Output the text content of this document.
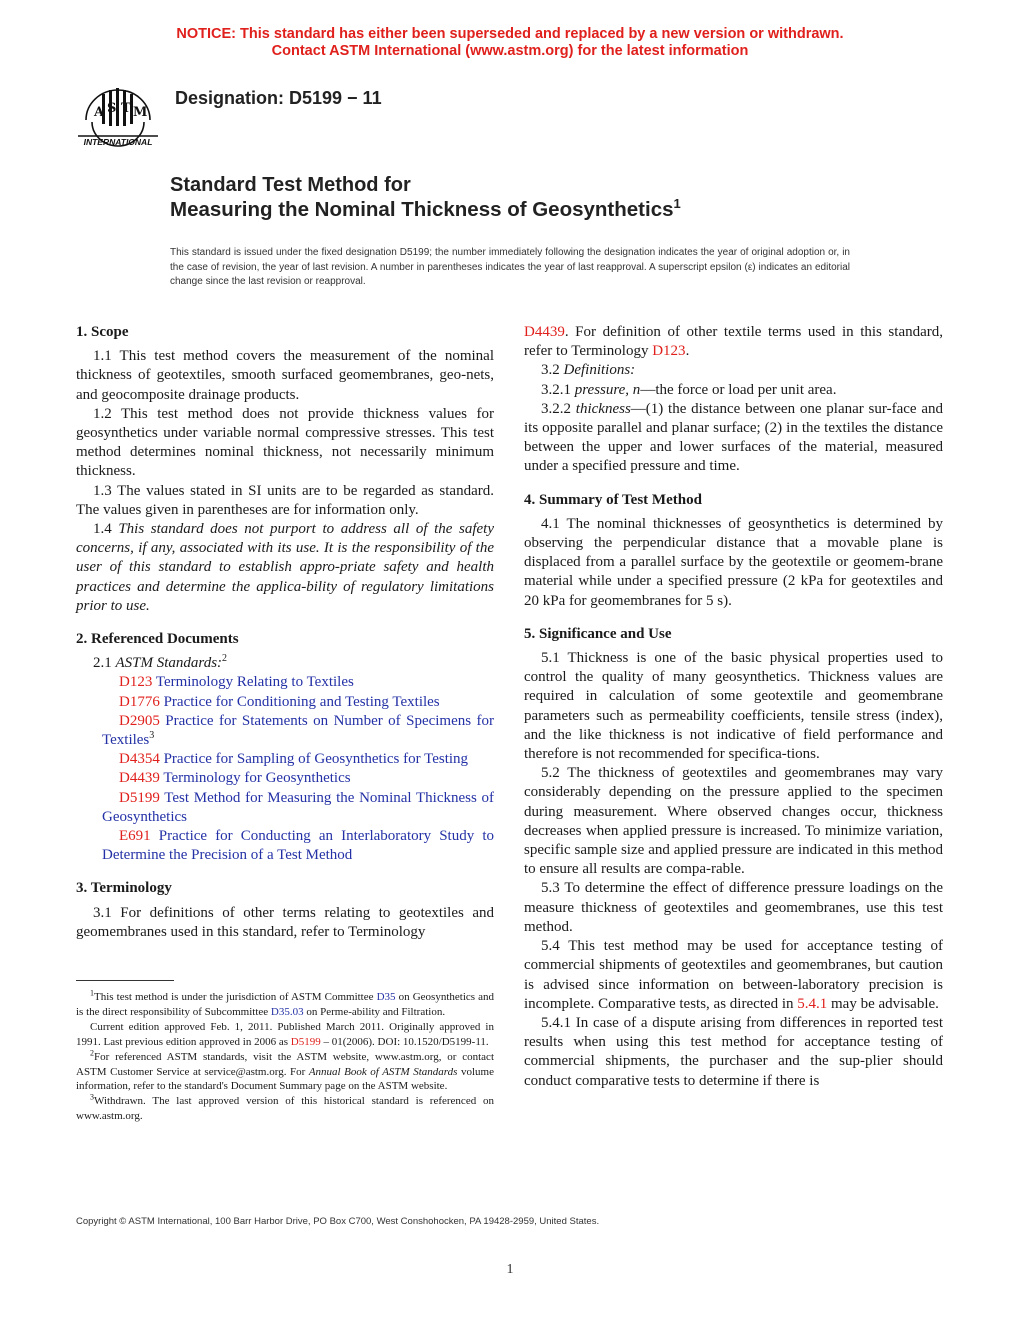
NOTICE: This standard has either been superseded and replaced by a new version or withdrawn.
Contact ASTM International (www.astm.org) for the latest information
A S T M
INTERNATIONAL
Designation: D5199 − 11
Standard Test Method for
Measuring the Nominal Thickness of Geosynthetics$^1$
This standard is issued under the fixed designation D5199; the number immediately following the designation indicates the year of original adoption or, in the case of revision, the year of last revision. A number in parentheses indicates the year of last reapproval. A superscript epsilon (ε) indicates an editorial change since the last revision or reapproval.
1. Scope

1.1 This test method covers the measurement of the nominal thickness of geotextiles, smooth surfaced geomembranes, geo-nets, and geocomposite drainage products.

1.2 This test method does not provide thickness values for geosynthetics under variable normal compressive stresses. This test method determines nominal thickness, not necessarily minimum thickness.

1.3 The values stated in SI units are to be regarded as standard. The values given in parentheses are for information only.

1.4 This standard does not purport to address all of the safety concerns, if any, associated with its use. It is the responsibility of the user of this standard to establish appro-priate safety and health practices and determine the applica-bility of regulatory limitations prior to use.

2. Referenced Documents

2.1 ASTM Standards:$^2$

D123 Terminology Relating to Textiles

D1776 Practice for Conditioning and Testing Textiles

D2905 Practice for Statements on Number of Specimens for Textiles$^3$

D4354 Practice for Sampling of Geosynthetics for Testing

D4439 Terminology for Geosynthetics

D5199 Test Method for Measuring the Nominal Thickness of Geosynthetics

E691 Practice for Conducting an Interlaboratory Study to Determine the Precision of a Test Method

3. Terminology

3.1 For definitions of other terms relating to geotextiles and geomembranes used in this standard, refer to Terminology

$^1$This test method is under the jurisdiction of ASTM Committee D35 on Geosynthetics and is the direct responsibility of Subcommittee D35.03 on Perme-ability and Filtration.

Current edition approved Feb. 1, 2011. Published March 2011. Originally approved in 1991. Last previous edition approved in 2006 as D5199 – 01(2006). DOI: 10.1520/D5199-11.

$^2$For referenced ASTM standards, visit the ASTM website, www.astm.org, or contact ASTM Customer Service at service@astm.org. For Annual Book of ASTM Standards volume information, refer to the standard's Document Summary page on the ASTM website.

$^3$Withdrawn. The last approved version of this historical standard is referenced on www.astm.org.

D4439. For definition of other textile terms used in this standard, refer to Terminology D123.

3.2 Definitions:

3.2.1 pressure, n—the force or load per unit area.

3.2.2 thickness—(1) the distance between one planar sur-face and its opposite parallel and planar surface; (2) in the textiles the distance between the upper and lower surfaces of the material, measured under a specified pressure and time.

4. Summary of Test Method

4.1 The nominal thicknesses of geosynthetics is determined by observing the perpendicular distance that a movable plane is displaced from a parallel surface by the geotextile or geomem-brane material while under a specified pressure (2 kPa for geotextiles and 20 kPa for geomembranes for 5 s).

5. Significance and Use

5.1 Thickness is one of the basic physical properties used to control the quality of many geosynthetics. Thickness values are required in calculation of some geotextile and geomembrane parameters such as permeability coefficients, tensile stress (index), and the like thickness is not indicative of field performance and therefore is not recommended for specifica-tions.

5.2 The thickness of geotextiles and geomembranes may vary considerably depending on the pressure applied to the specimen during measurement. Where observed changes occur, thickness decreases when applied pressure is increased. To minimize variation, specific sample size and applied pressure are indicated in this method to ensure all results are compa-rable.

5.3 To determine the effect of difference pressure loadings on the measure thickness of geotextiles and geomembranes, use this test method.

5.4 This test method may be used for acceptance testing of commercial shipments of geotextiles and geomembranes, but caution is advised since information on between-laboratory precision is incomplete. Comparative tests, as directed in 5.4.1 may be advisable.

5.4.1 In case of a dispute arising from differences in reported test results when using this test method for acceptance testing of commercial shipments, the purchaser and the sup-plier should conduct comparative tests to determine if there is

Copyright © ASTM International, 100 Barr Harbor Drive, PO Box C700, West Conshohocken, PA 19428-2959, United States.
1
